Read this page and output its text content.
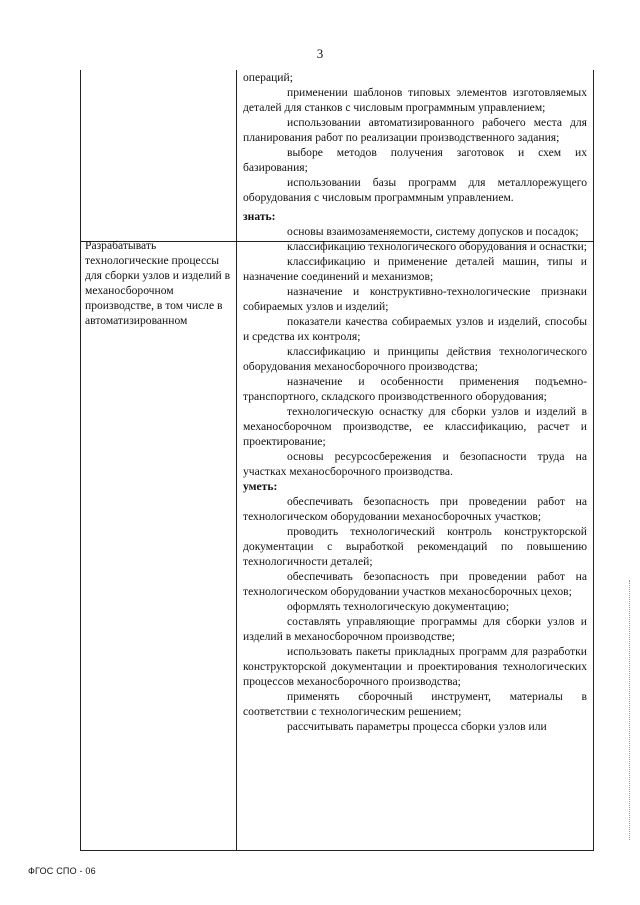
3
Разрабатывать технологические процессы для сборки узлов и изделий в механосборочном производстве, в том числе в автоматизированном

операций;

применении шаблонов типовых элементов изготовляемых деталей для станков с числовым программным управлением;

использовании автоматизированного рабочего места для планирования работ по реализации производственного задания;

выборе методов получения заготовок и схем их базирования;

использовании базы программ для металлорежущего оборудования с числовым программным управлением.

знать:

основы взаимозаменяемости, систему допусков и посадок;

классификацию технологического оборудования и оснастки;

классификацию и применение деталей машин, типы и назначение соединений и механизмов;

назначение и конструктивно-технологические признаки собираемых узлов и изделий;

показатели качества собираемых узлов и изделий, способы и средства их контроля;

классификацию и принципы действия технологического оборудования механосборочного производства;

назначение и особенности применения подъемно-транспортного, складского производственного оборудования;

технологическую оснастку для сборки узлов и изделий в механосборочном производстве, ее классификацию, расчет и проектирование;

основы ресурсосбережения и безопасности труда на участках механосборочного производства.

уметь:

обеспечивать безопасность при проведении работ на технологическом оборудовании механосборочных участков;

проводить технологический контроль конструкторской документации с выработкой рекомендаций по повышению технологичности деталей;

обеспечивать безопасность при проведении работ на технологическом оборудовании участков механосборочных цехов;

оформлять технологическую документацию;

составлять управляющие программы для сборки узлов и изделий в механосборочном производстве;

использовать пакеты прикладных программ для разработки конструкторской документации и проектирования технологических процессов механосборочного производства;

применять сборочный инструмент, материалы в соответствии с технологическим решением;

рассчитывать параметры процесса сборки узлов или

ФГОС СПО - 06
